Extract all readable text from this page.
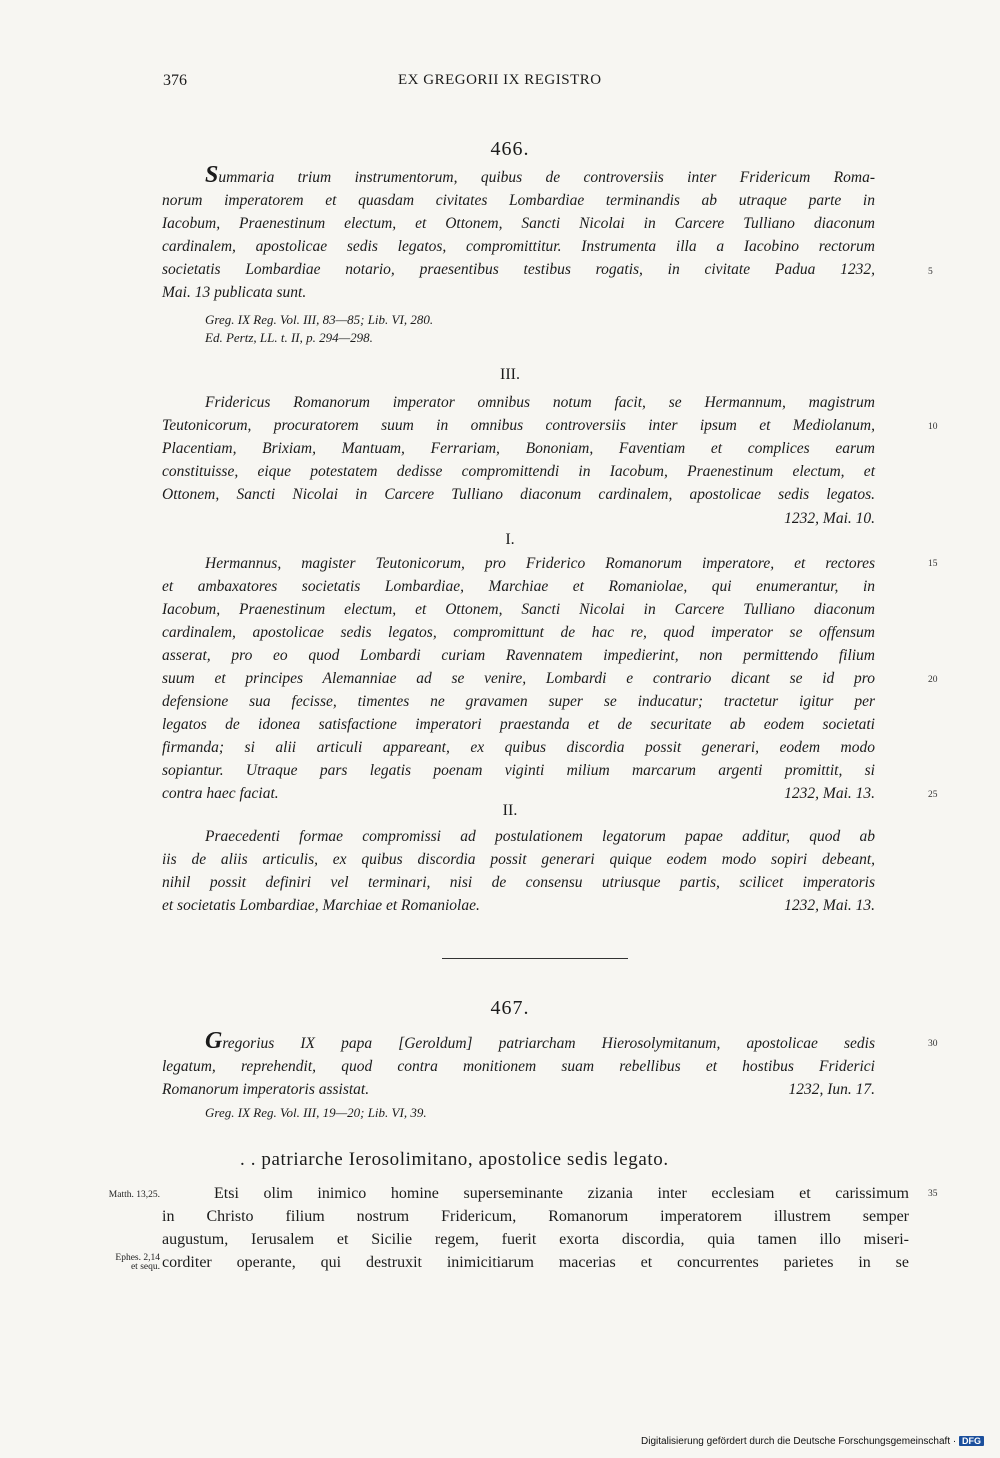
376	EX GREGORII IX REGISTRO
466.
Summaria trium instrumentorum, quibus de controversiis inter Fridericum Roma-
norum imperatorem et quasdam civitates Lombardiae terminandis ab utraque parte in
Iacobum, Praenestinum electum, et Ottonem, Sancti Nicolai in Carcere Tulliano diaconum
cardinalem, apostolicae sedis legatos, compromittitur. Instrumenta illa a Iacobino rectorum
societatis Lombardiae notario, praesentibus testibus rogatis, in civitate Padua 1232,
Mai. 13 publicata sunt.
Greg. IX Reg. Vol. III, 83—85; Lib. VI, 280.
Ed. Pertz, LL. t. II, p. 294—298.
III.
Fridericus Romanorum imperator omnibus notum facit, se Hermannum, magistrum
Teutonicorum, procuratorem suum in omnibus controversiis inter ipsum et Mediolanum,
Placentiam, Brixiam, Mantuam, Ferrariam, Bononiam, Faventiam et complices earum
constituisse, eique potestatem dedisse compromittendi in Iacobum, Praenestinum electum, et
Ottonem, Sancti Nicolai in Carcere Tulliano diaconum cardinalem, apostolicae sedis legatos.
1232, Mai. 10.
I.
Hermannus, magister Teutonicorum, pro Friderico Romanorum imperatore, et rectores
et ambaxatores societatis Lombardiae, Marchiae et Romaniolae, qui enumerantur, in
Iacobum, Praenestinum electum, et Ottonem, Sancti Nicolai in Carcere Tulliano diaconum
cardinalem, apostolicae sedis legatos, compromittunt de hac re, quod imperator se offensum
asserat, pro eo quod Lombardi curiam Ravennatem impedierint, non permittendo filium
suum et principes Alemanniae ad se venire, Lombardi e contrario dicant se id pro
defensione sua fecisse, timentes ne gravamen super se inducatur; tractetur igitur per
legatos de idonea satisfactione imperatori praestanda et de securitate ab eodem societati
firmanda; si alii articuli appareant, ex quibus discordia possit generari, eodem modo
sopiantur. Utraque pars legatis poenam viginti milium marcarum argenti promittit, si
contra haec faciat.	1232, Mai. 13.
II.
Praecedenti formae compromissi ad postulationem legatorum papae additur, quod ab
iis de aliis articulis, ex quibus discordia possit generari quique eodem modo sopiri debeant,
nihil possit definiri vel terminari, nisi de consensu utriusque partis, scilicet imperatoris
et societatis Lombardiae, Marchiae et Romaniolae.	1232, Mai. 13.
467.
Gregorius IX papa [Geroldum] patriarcham Hierosolymitanum, apostolicae sedis
legatum, reprehendit, quod contra monitionem suam rebellibus et hostibus Friderici
Romanorum imperatoris assistat.	1232, Iun. 17.
Greg. IX Reg. Vol. III, 19—20; Lib. VI, 39.
. . patriarche Ierosolimitano, apostolice sedis legato.
Etsi olim inimico homine superseminante zizania inter ecclesiam et carissimum
in Christo filium nostrum Fridericum, Romanorum imperatorem illustrem semper
augustum, Ierusalem et Sicilie regem, fuerit exorta discordia, quia tamen illo miseri-
corditer operante, qui destruxit inimicitiarum macerias et concurrentes parietes in se
Matth. 13,25.
Ephes. 2,14
et sequ.
5
10
15
20
25
30
35
Digitalisierung gefördert durch die Deutsche Forschungsgemeinschaft · DFG
